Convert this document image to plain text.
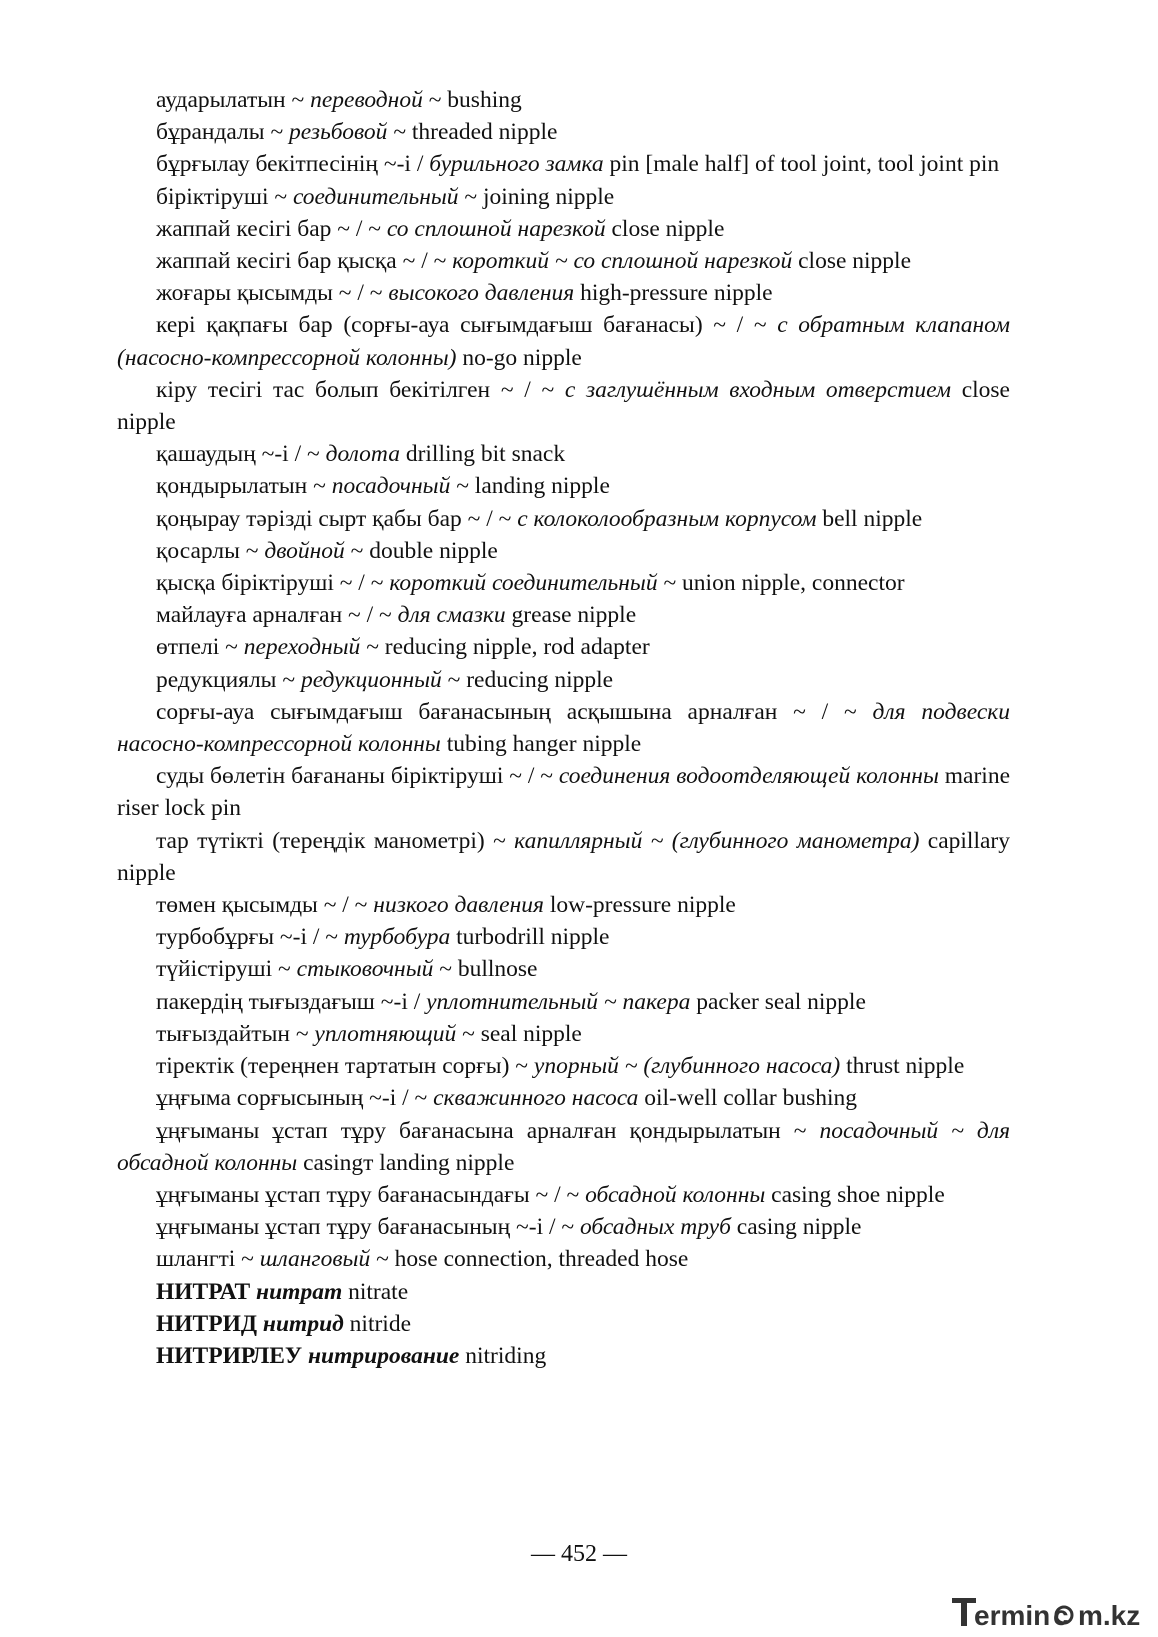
аударылатын ~ переводной ~ bushing

бұрандалы ~ резьбовой ~ threaded nipple

бұрғылау бекітпесінің ~-і / бурильного замка pin [male half] of tool joint, tool joint pin

біріктіруші ~ соединительный ~ joining nipple

жаппай кесігі бар ~ / ~ со сплошной нарезкой close nipple

жаппай кесігі бар қысқа ~ / ~ короткий ~ со сплошной нарезкой close nipple

жоғары қысымды ~ / ~ высокого давления high-pressure nipple

кері қақпағы бар (сорғы-ауа сығымдағыш бағанасы) ~ / ~ с обратным клапаном (насосно-компрессорной колонны) no-go nipple

кіру тесігі тас болып бекітілген ~ / ~ с заглушённым входным отверстием close nipple

қашаудың ~-і / ~ долота drilling bit snack

қондырылатын ~ посадочный ~ landing nipple

қоңырау тәрізді сырт қабы бар ~ / ~ с колоколообразным корпусом bell nipple

қосарлы ~ двойной ~ double nipple

қысқа біріктіруші ~ / ~ короткий соединительный ~ union nipple, connector

майлауға арналған ~ / ~ для смазки grease nipple

өтпелі ~ переходный ~ reducing nipple, rod adapter

редукциялы ~ редукционный ~ reducing nipple

сорғы-ауа сығымдағыш бағанасының асқышына арналған ~ / ~ для подвески насосно-компрессорной колонны tubing hanger nipple

суды бөлетін бағананы біріктіруші ~ / ~ соединения водоотделяющей колонны marine riser lock pin

тар түтікті (тереңдік манометрі) ~ капиллярный ~ (глубинного манометра) capillary nipple

төмен қысымды ~ / ~ низкого давления low-pressure nipple

турбобұрғы ~-і / ~ турбобура turbodrill nipple

түйістіруші ~ стыковочный ~ bullnose

пакердің тығыздағыш ~-і / уплотнительный ~ пакера packer seal nipple

тығыздайтын ~ уплотняющий ~ seal nipple

тіректік (тереңнен тартатын сорғы) ~ упорный ~ (глубинного насоса) thrust nipple

ұңғыма сорғысының ~-і / ~ скважинного насоса oil-well collar bushing

ұңғыманы ұстап тұру бағанасына арналған қондырылатын ~ посадочный ~ для обсадной колонны casingт landing nipple

ұңғыманы ұстап тұру бағанасындағы ~ / ~ обсадной колонны casing shoe nipple

ұңғыманы ұстап тұру бағанасының ~-і / ~ обсадных труб casing nipple

шлангті ~ шланговый ~ hose connection, threaded hose

НИТРАТ нитрат nitrate

НИТРИД нитрид nitride

НИТРИРЛЕУ нитрирование nitriding

— 452 —
ermin c m.kz
